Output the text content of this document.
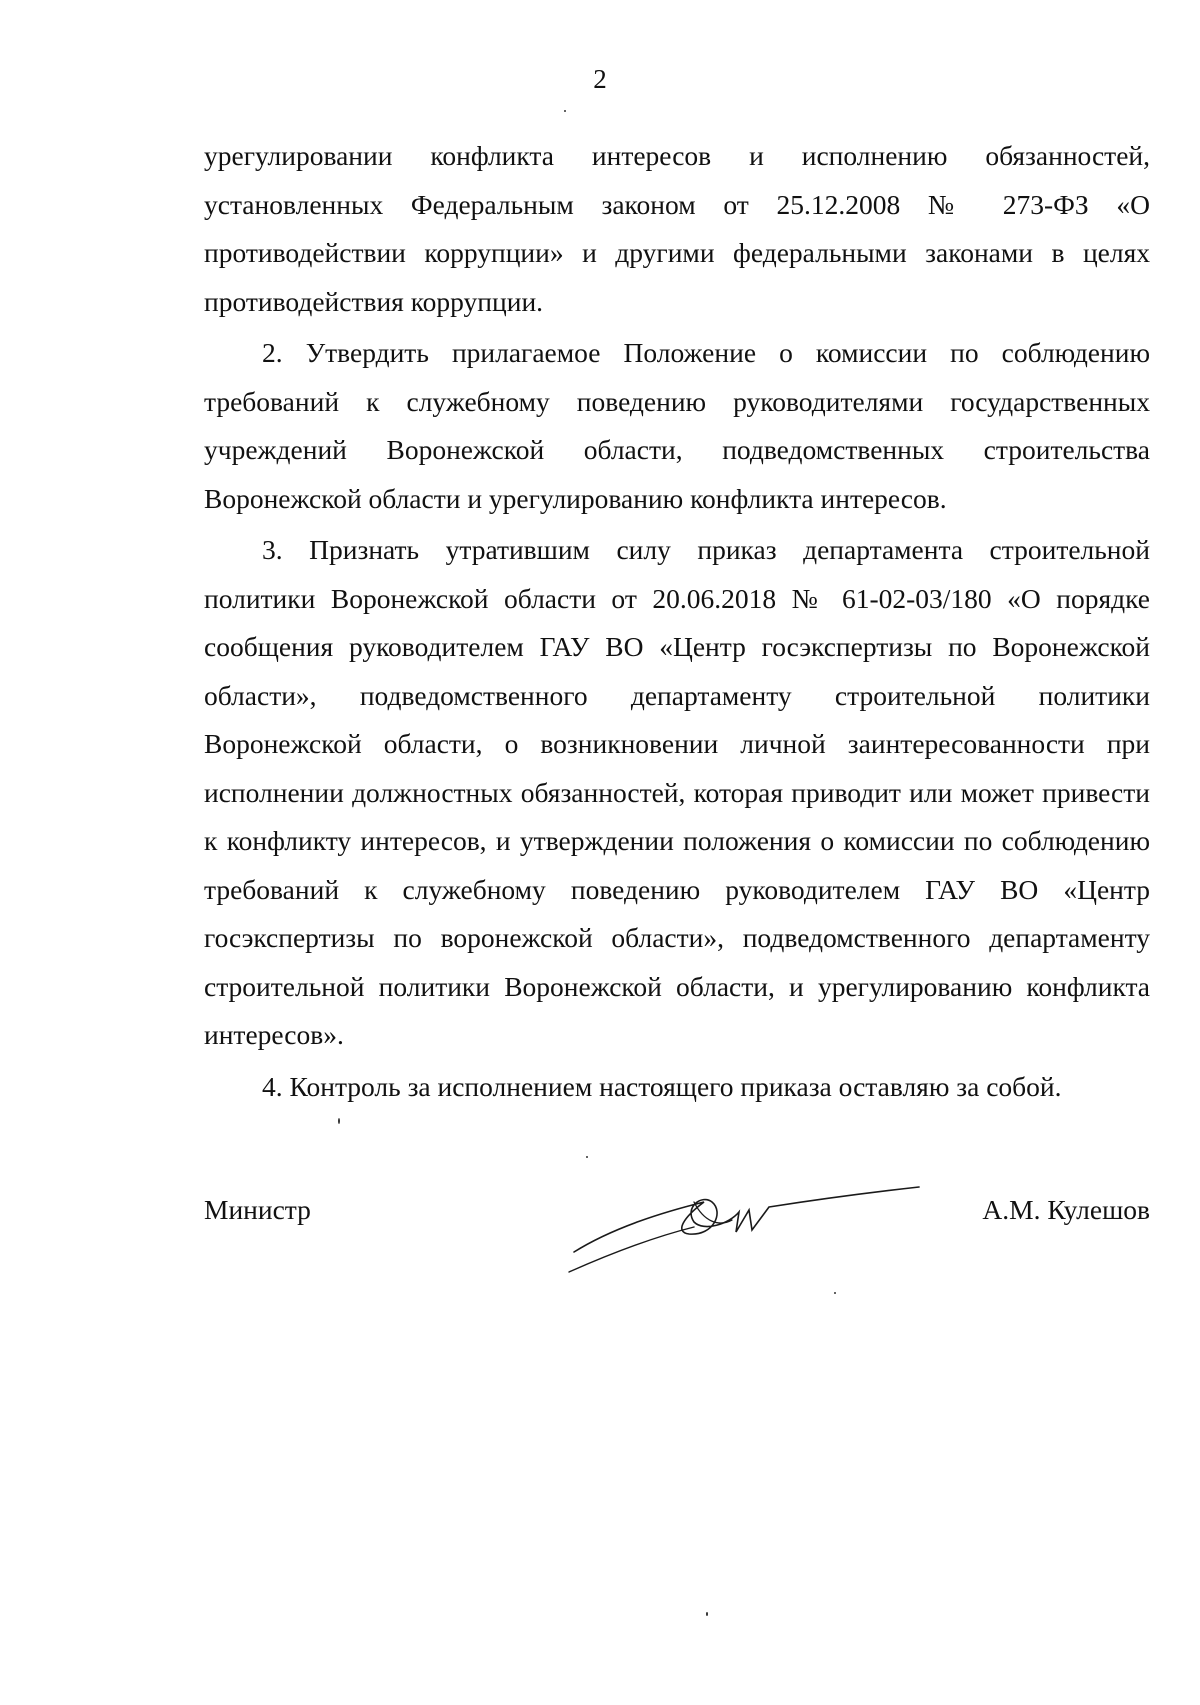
2

урегулировании конфликта интересов и исполнению обязанностей, установленных Федеральным законом от 25.12.2008 № 273-ФЗ «О противодействии коррупции» и другими федеральными законами в целях противодействия коррупции.

2. Утвердить прилагаемое Положение о комиссии по соблюдению требований к служебному поведению руководителями государственных учреждений Воронежской области, подведомственных строительства Воронежской области и урегулированию конфликта интересов.

3. Признать утратившим силу приказ департамента строительной политики Воронежской области от 20.06.2018 № 61-02-03/180 «О порядке сообщения руководителем ГАУ ВО «Центр госэкспертизы по Воронежской области», подведомственного департаменту строительной политики Воронежской области, о возникновении личной заинтересованности при исполнении должностных обязанностей, которая приводит или может привести к конфликту интересов, и утверждении положения о комиссии по соблюдению требований к служебному поведению руководителем ГАУ ВО «Центр госэкспертизы по воронежской области», подведомственного департаменту строительной политики Воронежской области, и урегулированию конфликта интересов».

4. Контроль за исполнением настоящего приказа оставляю за собой.

Министр	А.М. Кулешов
